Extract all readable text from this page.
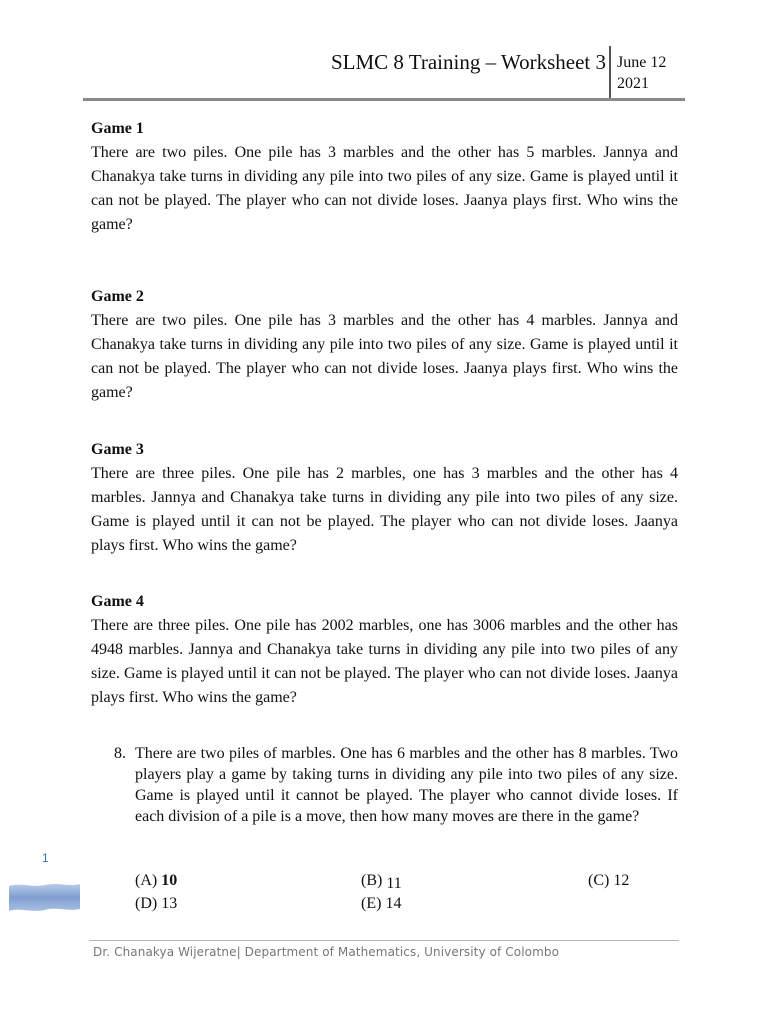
SLMC 8 Training – Worksheet 3 June 12
2021
Game 1

There are two piles. One pile has 3 marbles and the other has 5 marbles. Jannya and Chanakya take turns in dividing any pile into two piles of any size. Game is played until it can not be played. The player who can not divide loses. Jaanya plays first. Who wins the game?

Game 2

There are two piles. One pile has 3 marbles and the other has 4 marbles. Jannya and Chanakya take turns in dividing any pile into two piles of any size. Game is played until it can not be played. The player who can not divide loses. Jaanya plays first. Who wins the game?

Game 3

There are three piles. One pile has 2 marbles, one has 3 marbles and the other has 4 marbles. Jannya and Chanakya take turns in dividing any pile into two piles of any size. Game is played until it can not be played. The player who can not divide loses. Jaanya plays first. Who wins the game?

Game 4

There are three piles. One pile has 2002 marbles, one has 3006 marbles and the other has 4948 marbles. Jannya and Chanakya take turns in dividing any pile into two piles of any size. Game is played until it can not be played. The player who can not divide loses. Jaanya plays first. Who wins the game?

8. There are two piles of marbles. One has 6 marbles and the other has 8 marbles. Two players play a game by taking turns in dividing any pile into two piles of any size. Game is played until it cannot be played. The player who cannot divide loses. If each division of a pile is a move, then how many moves are there in the game?

(A) 10	(B) 11	(C) 12
(D) 13	(E) 14
1
Dr. Chanakya Wijeratne| Department of Mathematics, University of Colombo
